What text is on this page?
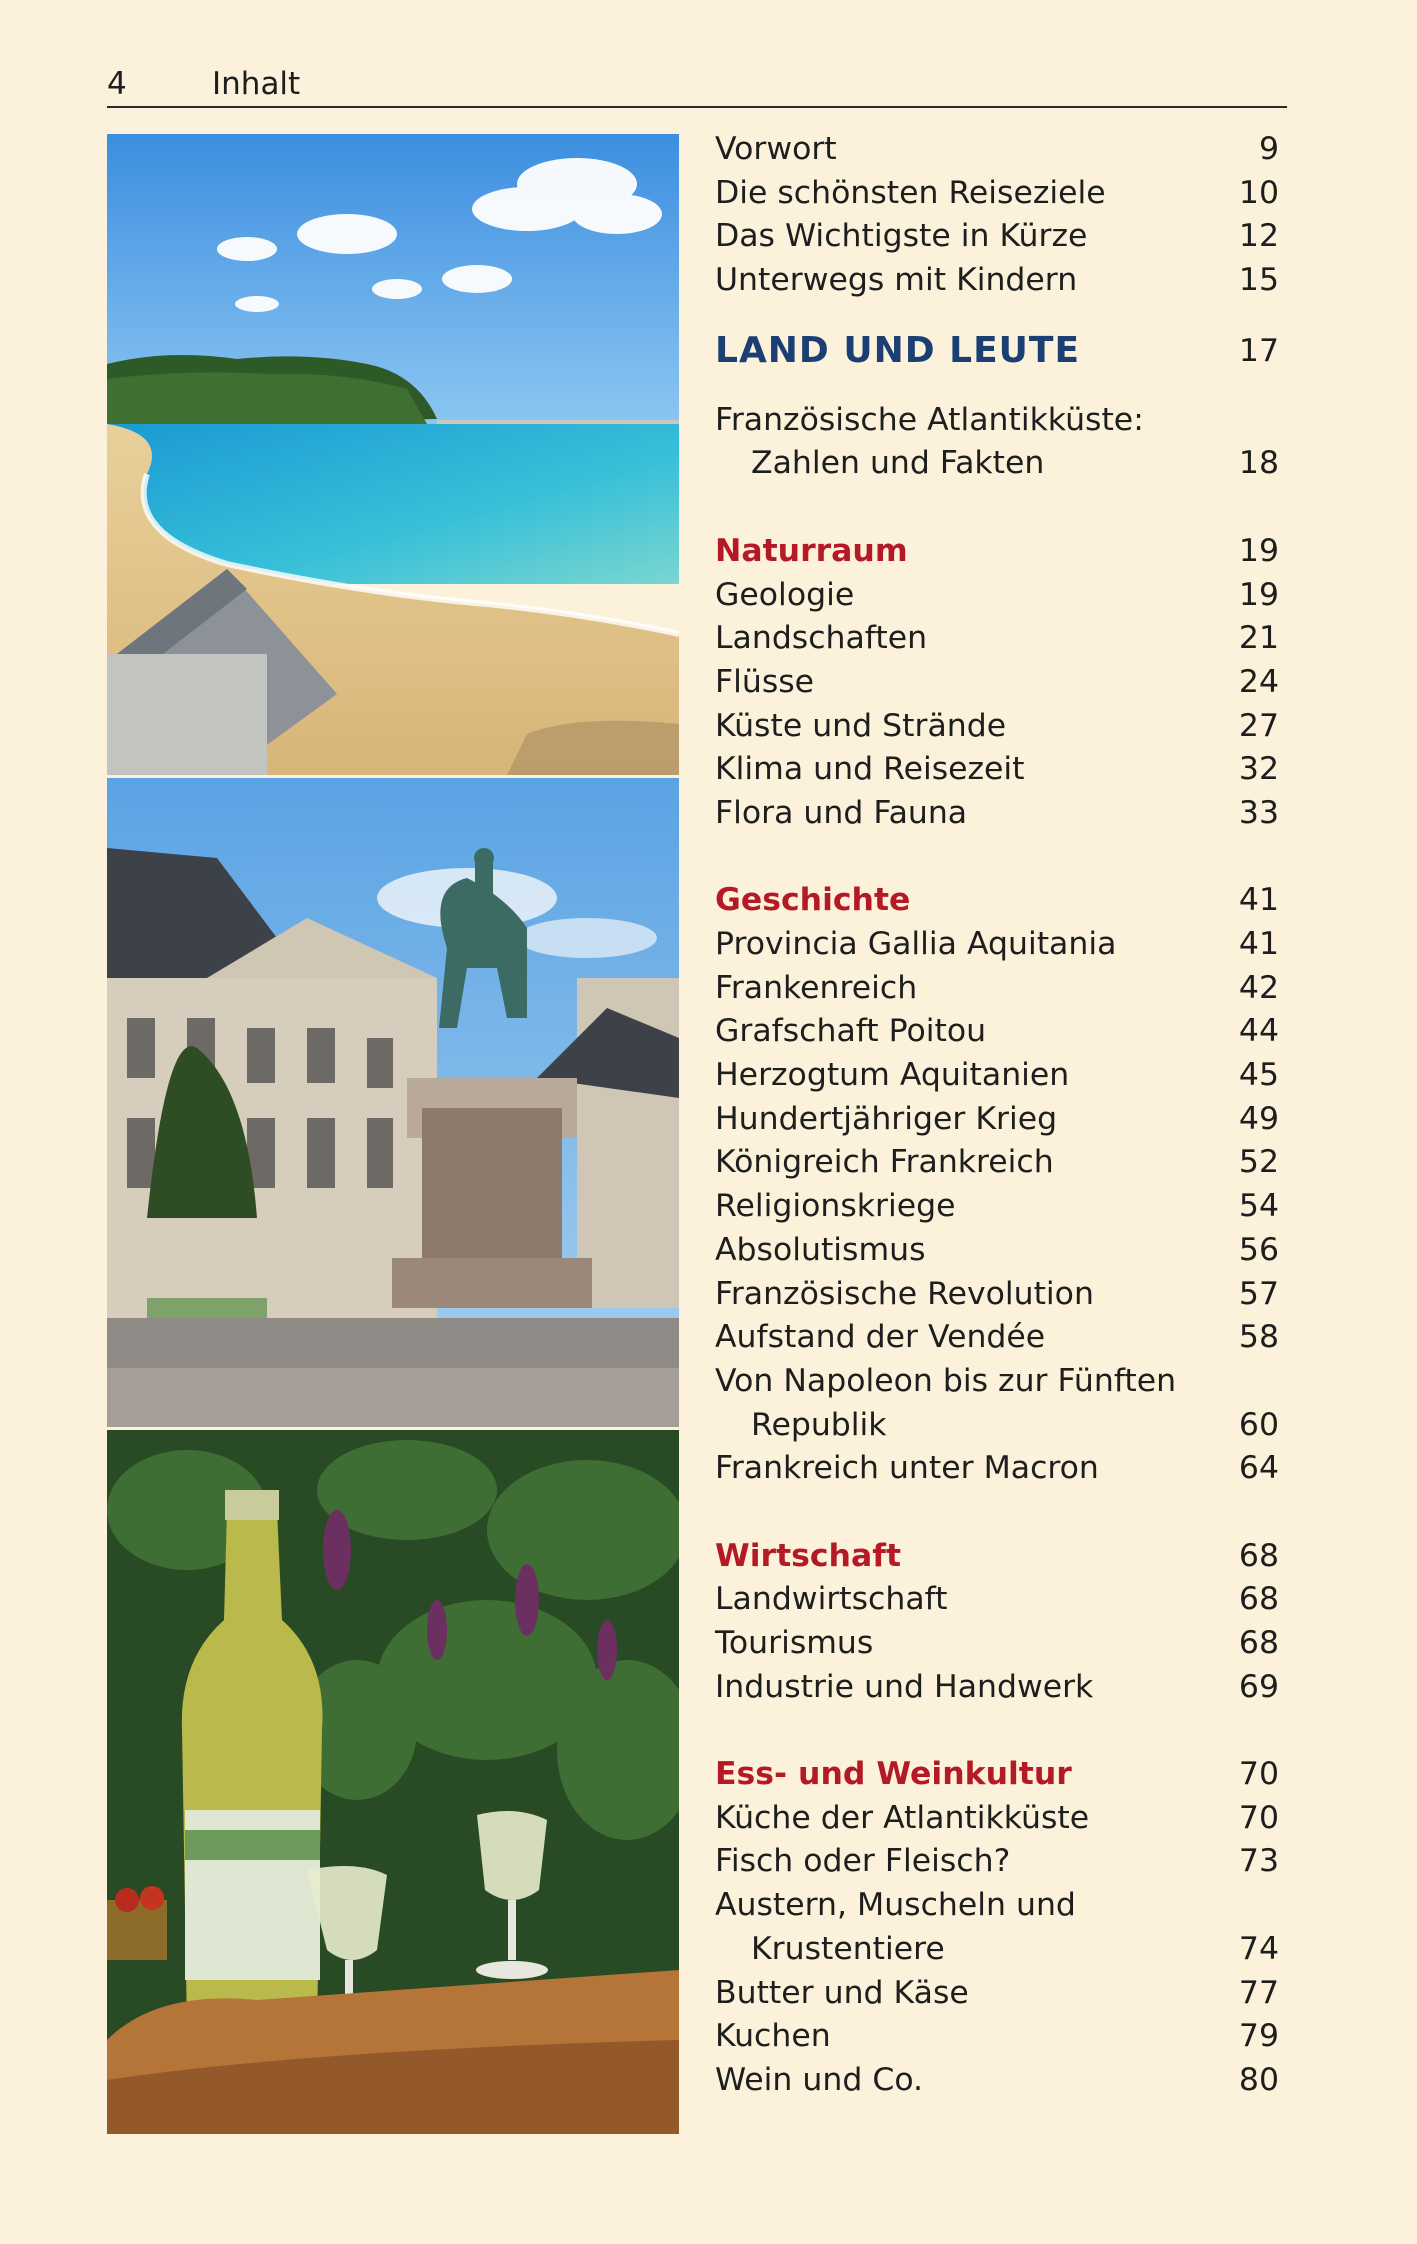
4	Inhalt
Vorwort	9
Die schönsten Reiseziele	10
Das Wichtigste in Kürze	12
Unterwegs mit Kindern	15
LAND UND LEUTE	17
Französische Atlantikküste:
Zahlen und Fakten	18
Naturraum	19
Geologie	19
Landschaften	21
Flüsse	24
Küste und Strände	27
Klima und Reisezeit	32
Flora und Fauna	33
Geschichte	41
Provincia Gallia Aquitania	41
Frankenreich	42
Grafschaft Poitou	44
Herzogtum Aquitanien	45
Hundertjähriger Krieg	49
Königreich Frankreich	52
Religionskriege	54
Absolutismus	56
Französische Revolution	57
Aufstand der Vendée	58
Von Napoleon bis zur Fünften
Republik	60
Frankreich unter Macron	64
Wirtschaft	68
Landwirtschaft	68
Tourismus	68
Industrie und Handwerk	69
Ess- und Weinkultur	70
Küche der Atlantikküste	70
Fisch oder Fleisch?	73
Austern, Muscheln und
Krustentiere	74
Butter und Käse	77
Kuchen	79
Wein und Co.	80
